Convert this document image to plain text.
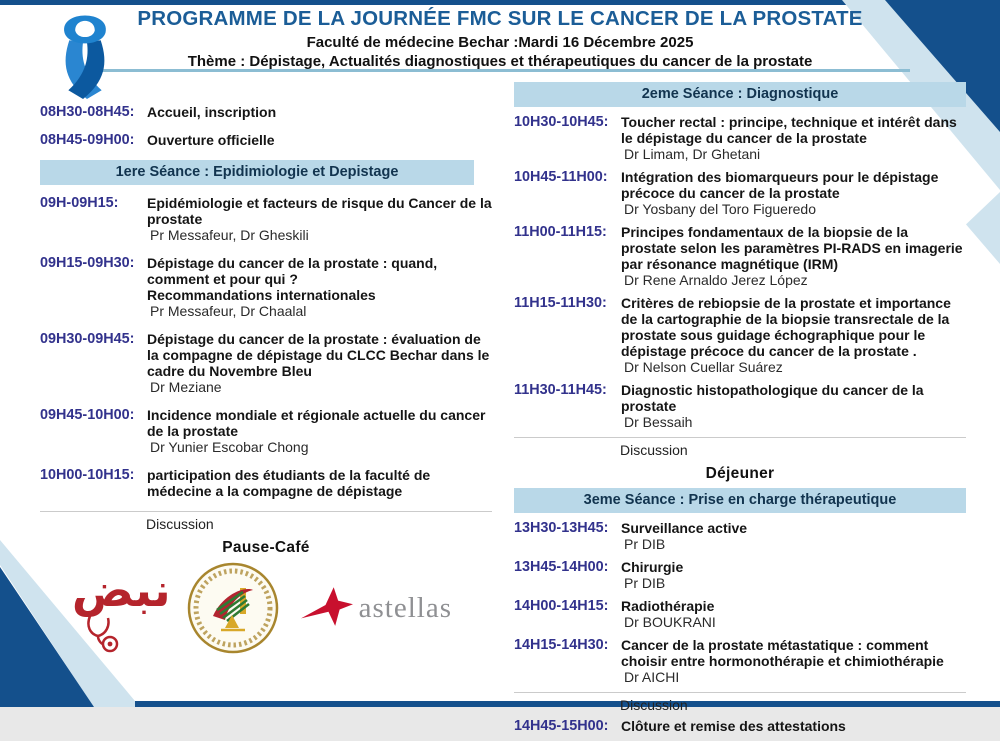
PROGRAMME DE LA JOURNÉE FMC SUR LE CANCER DE LA PROSTATE
Faculté de médecine Bechar :Mardi 16 Décembre 2025
Thème : Dépistage, Actualités diagnostiques et thérapeutiques du cancer de la prostate
08H30-08H45: Accueil, inscription
08H45-09H00: Ouverture officielle
1ere Séance : Epidimiologie et Depistage
09H-09H15:	Epidémiologie et facteurs de risque du Cancer de la prostate
Pr Messafeur, Dr Gheskili
09H15-09H30: Dépistage du cancer de la prostate : quand, comment et pour qui ?
Recommandations internationales
Pr Messafeur, Dr Chaalal
09H30-09H45: Dépistage du cancer de la prostate : évaluation de la compagne de dépistage du CLCC Bechar dans le cadre du Novembre Bleu
Dr Meziane
09H45-10H00: Incidence mondiale et régionale actuelle du cancer de la prostate
Dr Yunier Escobar Chong
10H00-10H15: participation des étudiants de la faculté de médecine a la compagne de dépistage
Discussion
Pause-Café
2eme Séance : Diagnostique
10H30-10H45: Toucher rectal : principe, technique et intérêt dans le dépistage du cancer de la prostate
Dr Limam, Dr Ghetani
10H45-11H00: Intégration des biomarqueurs pour le dépistage précoce du cancer de la prostate
Dr Yosbany del Toro Figueredo
11H00-11H15:	Principes fondamentaux de la biopsie de la prostate selon les paramètres PI-RADS en imagerie par résonance magnétique (IRM)
Dr Rene Arnaldo Jerez López
11H15-11H30:	Critères de rebiopsie de la prostate et importance de la cartographie de la biopsie transrectale de la prostate sous guidage échographique pour le dépistage précoce du cancer de la prostate .
Dr Nelson Cuellar Suárez
11H30-11H45:	Diagnostic histopathologique du cancer de la prostate
Dr Bessaih
Discussion
Déjeuner
3eme Séance : Prise en charge thérapeutique
13H30-13H45: Surveillance active
Pr DIB
13H45-14H00: Chirurgie
Pr DIB
14H00-14H15: Radiothérapie
Dr BOUKRANI
14H15-14H30: Cancer de la prostate métastatique : comment choisir entre hormonothérapie et chimiothérapie
Dr AICHI
Discussion
14H45-15H00: Clôture et remise des attestations
نبض	astellas
